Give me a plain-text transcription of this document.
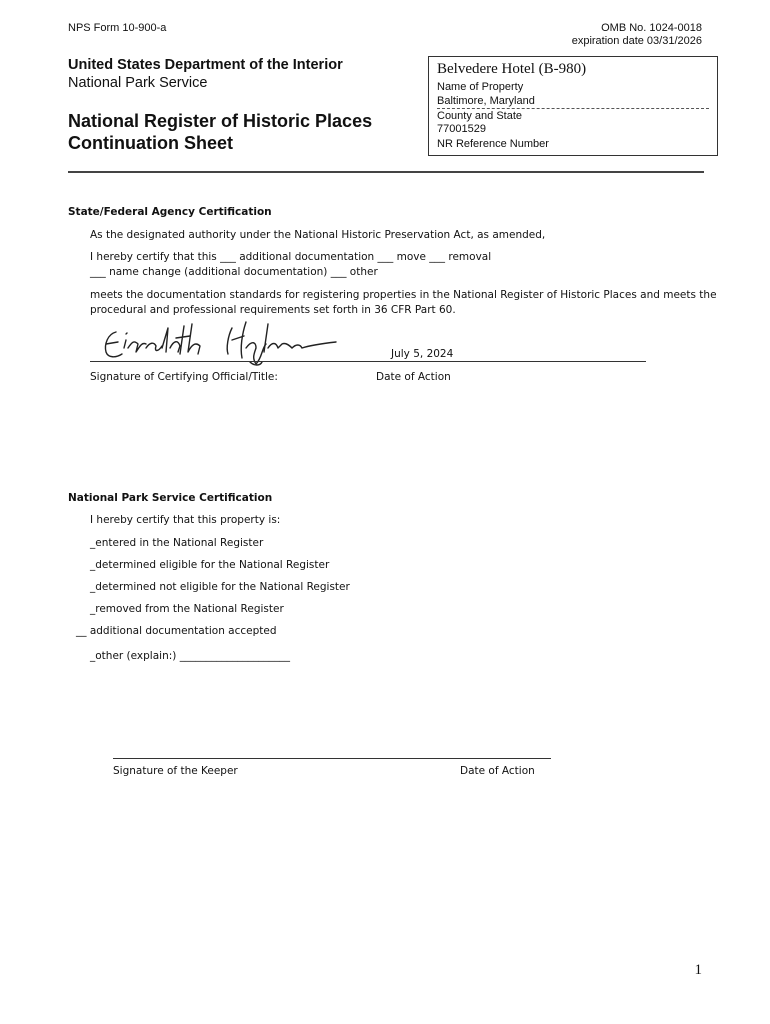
NPS Form 10-900-a	OMB No. 1024-0018
expiration date 03/31/2026
United States Department of the Interior
National Park Service
National Register of Historic Places
Continuation Sheet
Belvedere Hotel (B-980)
Name of Property
Baltimore, Maryland
County and State
77001529
NR Reference Number
State/Federal Agency Certification
As the designated authority under the National Historic Preservation Act, as amended,
I hereby certify that this ___ additional documentation ___ move ___ removal
___ name change (additional documentation) ___ other
meets the documentation standards for registering properties in the National Register of Historic Places and meets the
procedural and professional requirements set forth in 36 CFR Part 60.
July 5, 2024
Signature of Certifying Official/Title:	Date of Action
National Park Service Certification
I hereby certify that this property is:
_entered in the National Register
_determined eligible for the National Register
_determined not eligible for the National Register
_removed from the National Register
__ additional documentation accepted
_other (explain:) _____________________
Signature of the Keeper	Date of Action
1
